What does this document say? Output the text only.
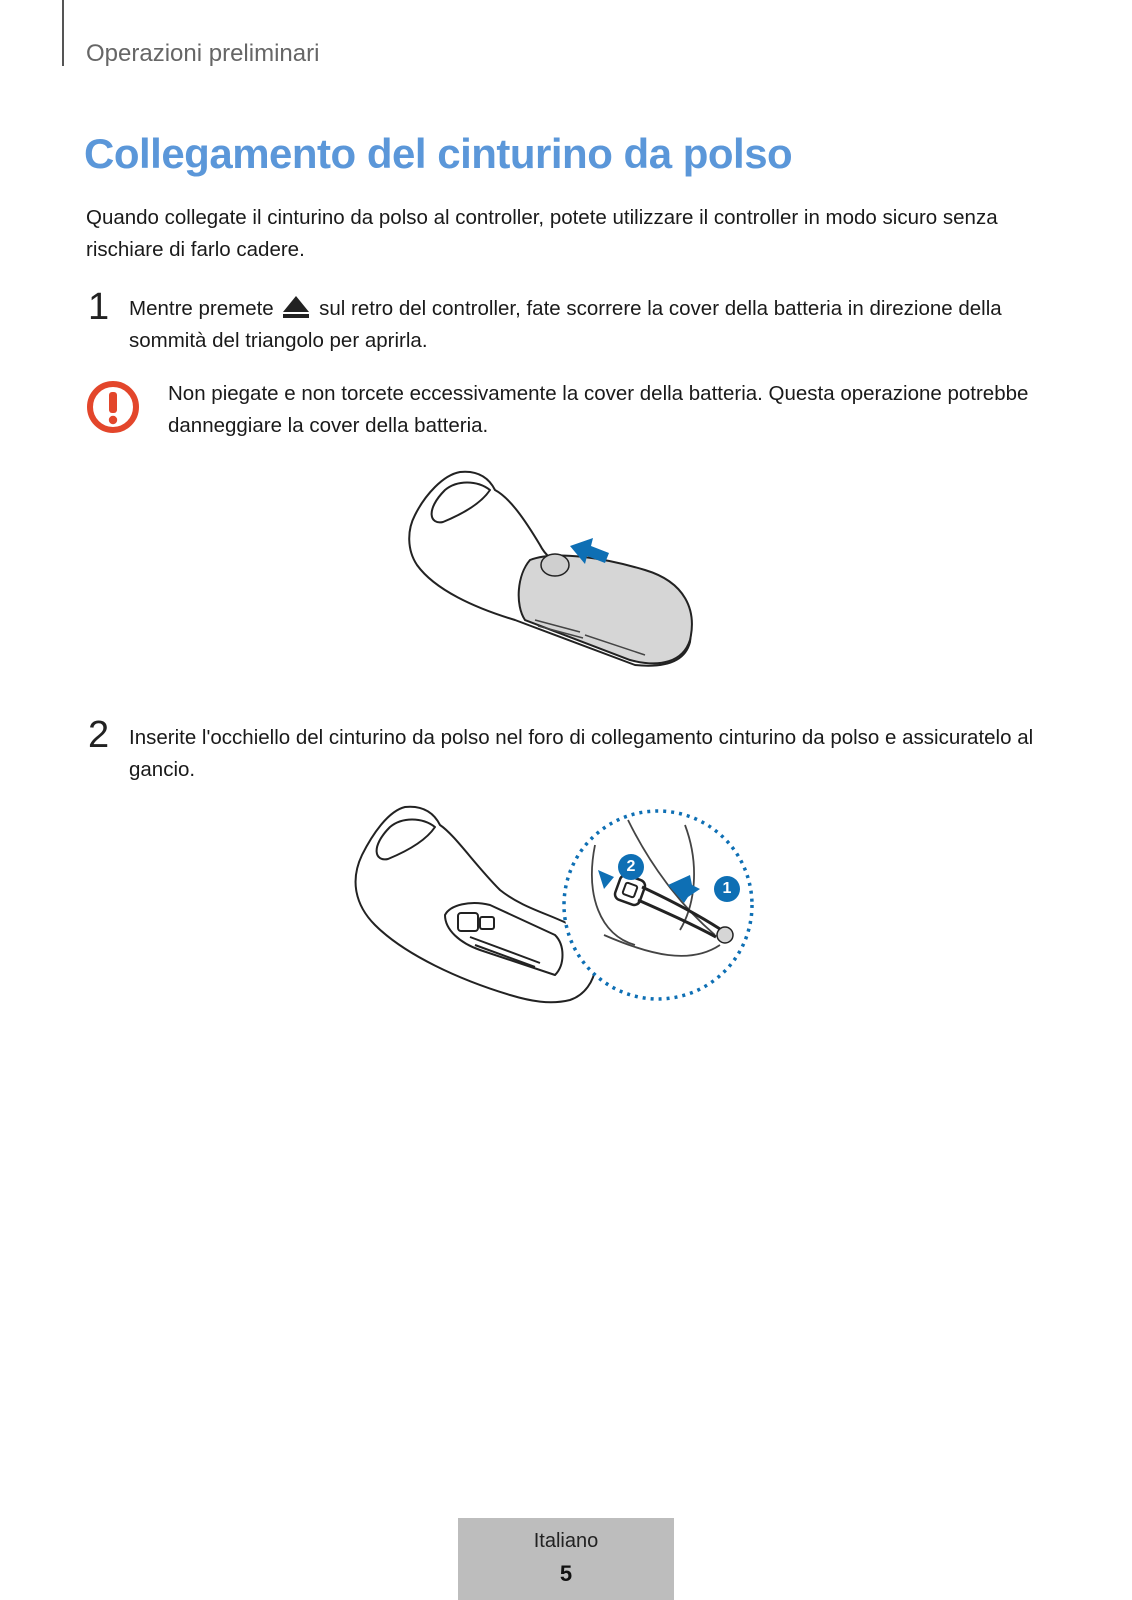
Operazioni preliminari
Collegamento del cinturino da polso

Quando collegate il cinturino da polso al controller, potete utilizzare il controller in modo sicuro senza rischiare di farlo cadere.

1 Mentre premete sul retro del controller, fate scorrere la cover della batteria in direzione della sommità del triangolo per aprirla.

Non piegate e non torcete eccessivamente la cover della batteria. Questa operazione potrebbe danneggiare la cover della batteria.

2 Inserite l'occhiello del cinturino da polso nel foro di collegamento cinturino da polso e assicuratelo al gancio.

2
1
Italiano
5
